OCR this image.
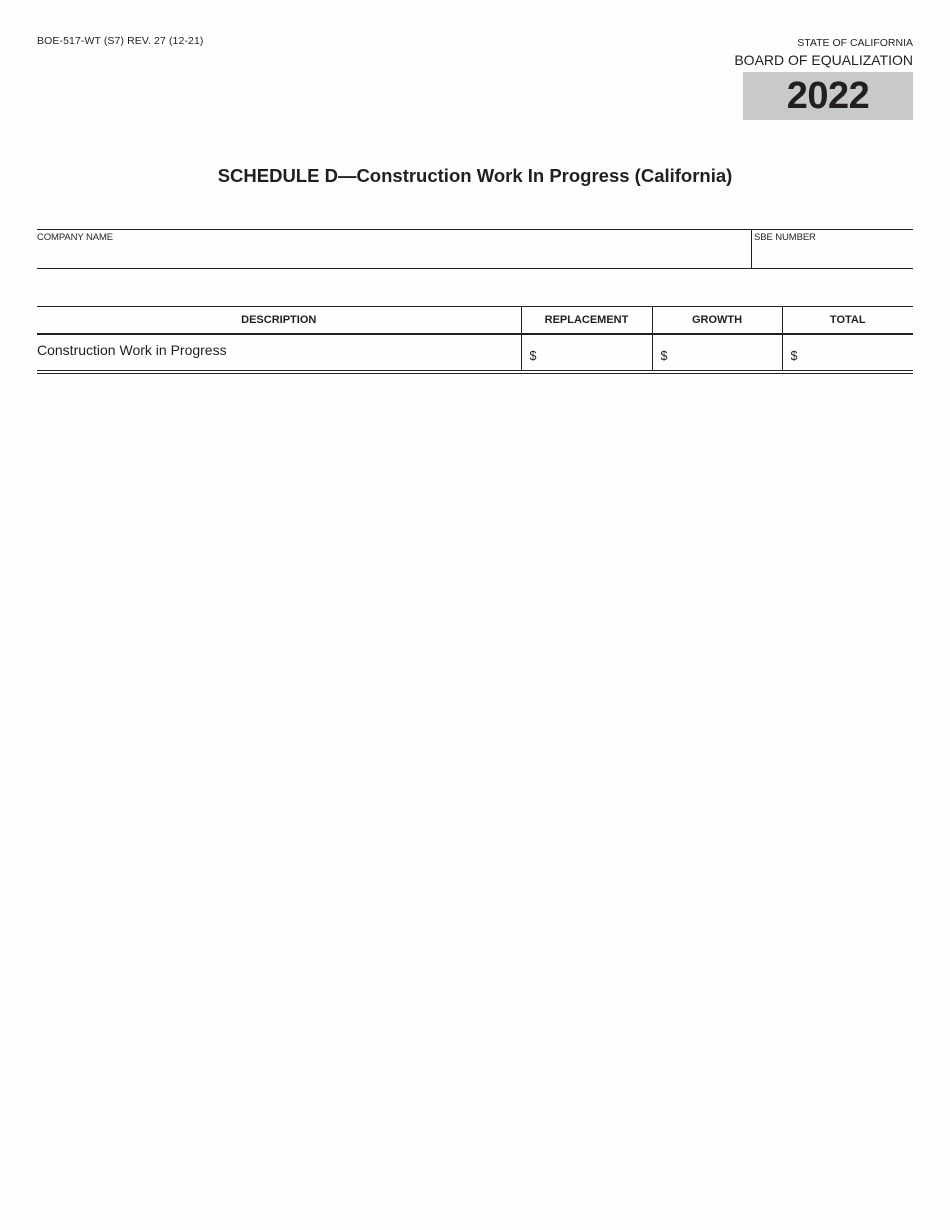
BOE-517-WT (S7) REV. 27 (12-21)	STATE OF CALIFORNIA
BOARD OF EQUALIZATION
2022
SCHEDULE D—Construction Work In Progress (California)
COMPANY NAME	SBE NUMBER
DESCRIPTION	REPLACEMENT	GROWTH	TOTAL
Construction Work in Progress	$	$	$
